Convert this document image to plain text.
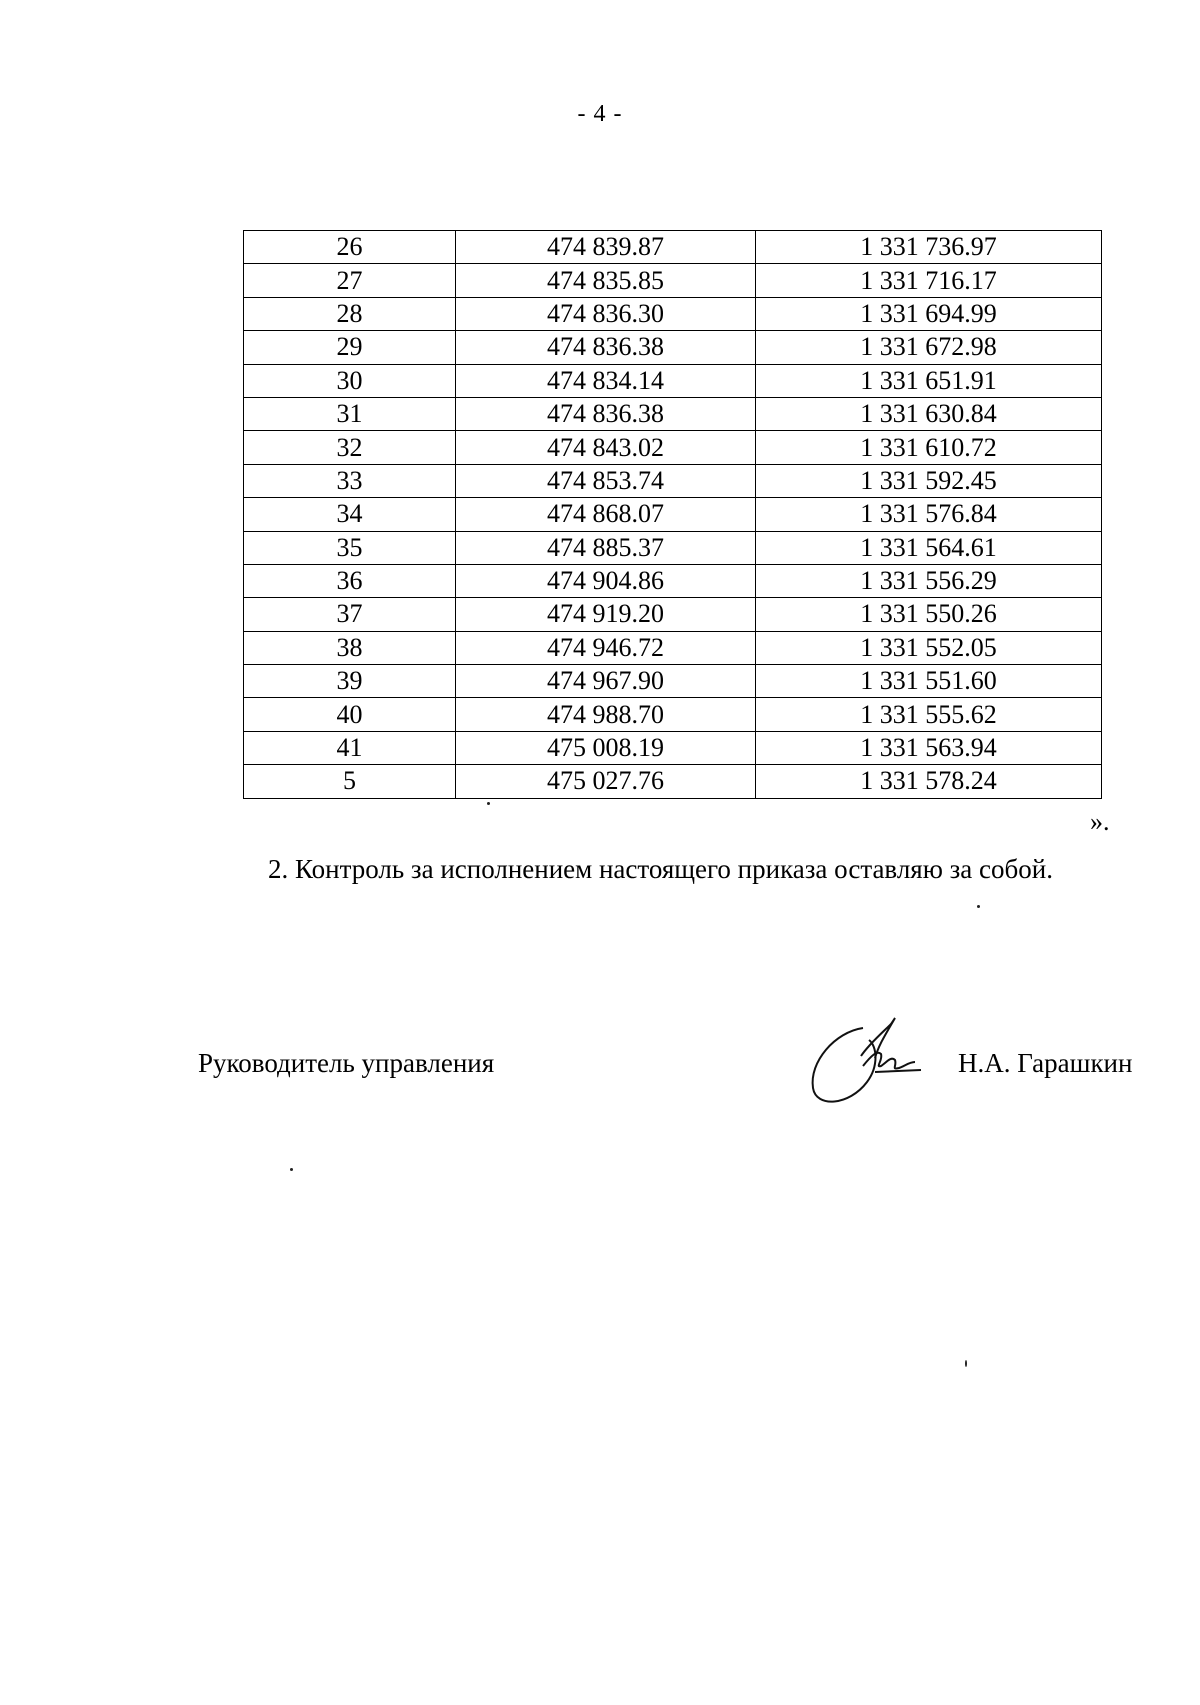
- 4 -
26	474 839.87	1 331 736.97
27	474 835.85	1 331 716.17
28	474 836.30	1 331 694.99
29	474 836.38	1 331 672.98
30	474 834.14	1 331 651.91
31	474 836.38	1 331 630.84
32	474 843.02	1 331 610.72
33	474 853.74	1 331 592.45
34	474 868.07	1 331 576.84
35	474 885.37	1 331 564.61
36	474 904.86	1 331 556.29
37	474 919.20	1 331 550.26
38	474 946.72	1 331 552.05
39	474 967.90	1 331 551.60
40	474 988.70	1 331 555.62
41	475 008.19	1 331 563.94
5	475 027.76	1 331 578.24
».
2. Контроль за исполнением настоящего приказа оставляю за собой.
Руководитель управления	Н.А. Гарашкин
